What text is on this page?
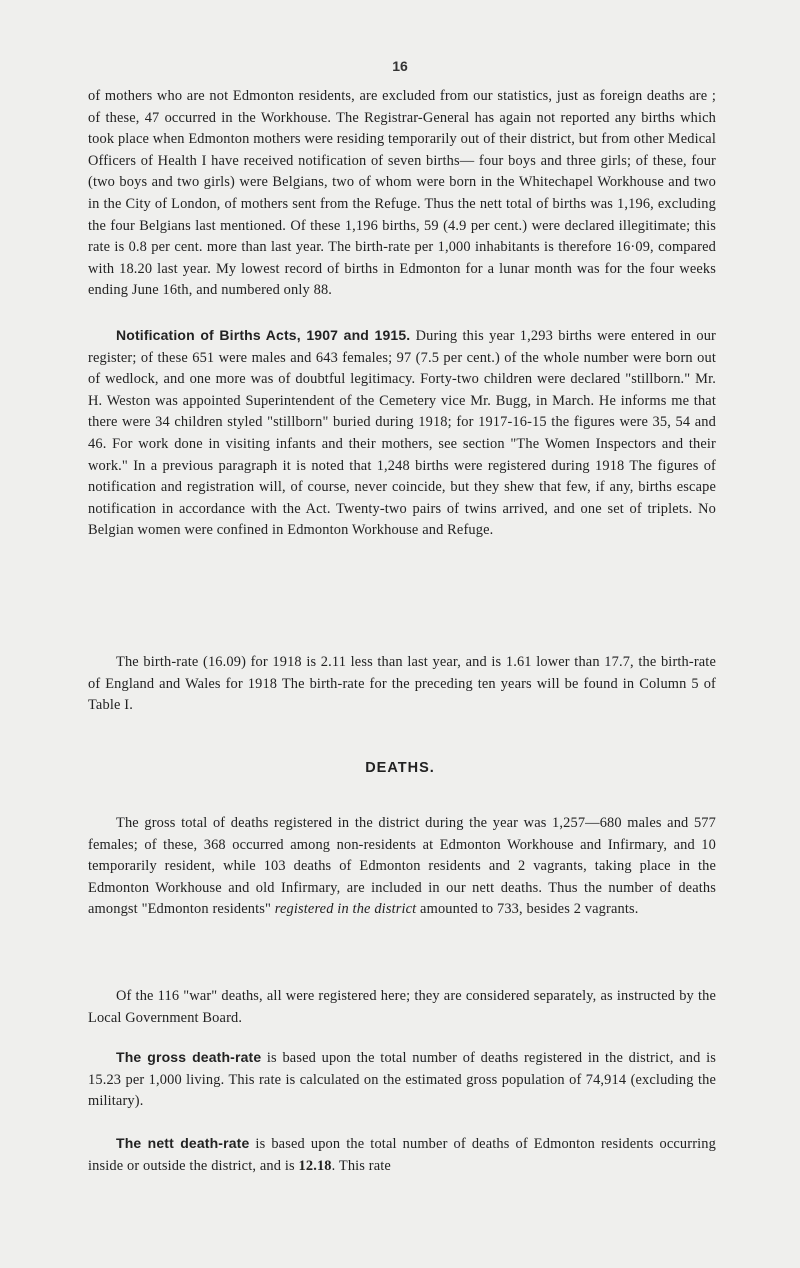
16

of mothers who are not Edmonton residents, are excluded from our statistics, just as foreign deaths are ; of these, 47 occurred in the Workhouse. The Registrar-General has again not reported any births which took place when Edmonton mothers were residing temporarily out of their district, but from other Medical Officers of Health I have received notification of seven births— four boys and three girls; of these, four (two boys and two girls) were Belgians, two of whom were born in the Whitechapel Workhouse and two in the City of London, of mothers sent from the Refuge. Thus the nett total of births was 1,196, excluding the four Belgians last mentioned. Of these 1,196 births, 59 (4.9 per cent.) were declared illegitimate; this rate is 0.8 per cent. more than last year. The birth-rate per 1,000 inhabitants is therefore 16·09, compared with 18.20 last year. My lowest record of births in Edmonton for a lunar month was for the four weeks ending June 16th, and numbered only 88.

Notification of Births Acts, 1907 and 1915. During this year 1,293 births were entered in our register; of these 651 were males and 643 females; 97 (7.5 per cent.) of the whole number were born out of wedlock, and one more was of doubtful legitimacy. Forty-two children were declared "stillborn." Mr. H. Weston was appointed Superintendent of the Cemetery vice Mr. Bugg, in March. He informs me that there were 34 children styled "stillborn" buried during 1918; for 1917-16-15 the figures were 35, 54 and 46. For work done in visiting infants and their mothers, see section "The Women Inspectors and their work." In a previous paragraph it is noted that 1,248 births were registered during 1918 The figures of notification and registration will, of course, never coincide, but they shew that few, if any, births escape notification in accordance with the Act. Twenty-two pairs of twins arrived, and one set of triplets. No Belgian women were confined in Edmonton Workhouse and Refuge.

The birth-rate (16.09) for 1918 is 2.11 less than last year, and is 1.61 lower than 17.7, the birth-rate of England and Wales for 1918 The birth-rate for the preceding ten years will be found in Column 5 of Table I.

DEATHS.

The gross total of deaths registered in the district during the year was 1,257—680 males and 577 females; of these, 368 occurred among non-residents at Edmonton Workhouse and Infirmary, and 10 temporarily resident, while 103 deaths of Edmonton residents and 2 vagrants, taking place in the Edmonton Workhouse and old Infirmary, are included in our nett deaths. Thus the number of deaths amongst "Edmonton residents" registered in the district amounted to 733, besides 2 vagrants.

Of the 116 "war" deaths, all were registered here; they are considered separately, as instructed by the Local Government Board.

The gross death-rate is based upon the total number of deaths registered in the district, and is 15.23 per 1,000 living. This rate is calculated on the estimated gross population of 74,914 (excluding the military).

The nett death-rate is based upon the total number of deaths of Edmonton residents occurring inside or outside the district, and is 12.18. This rate
